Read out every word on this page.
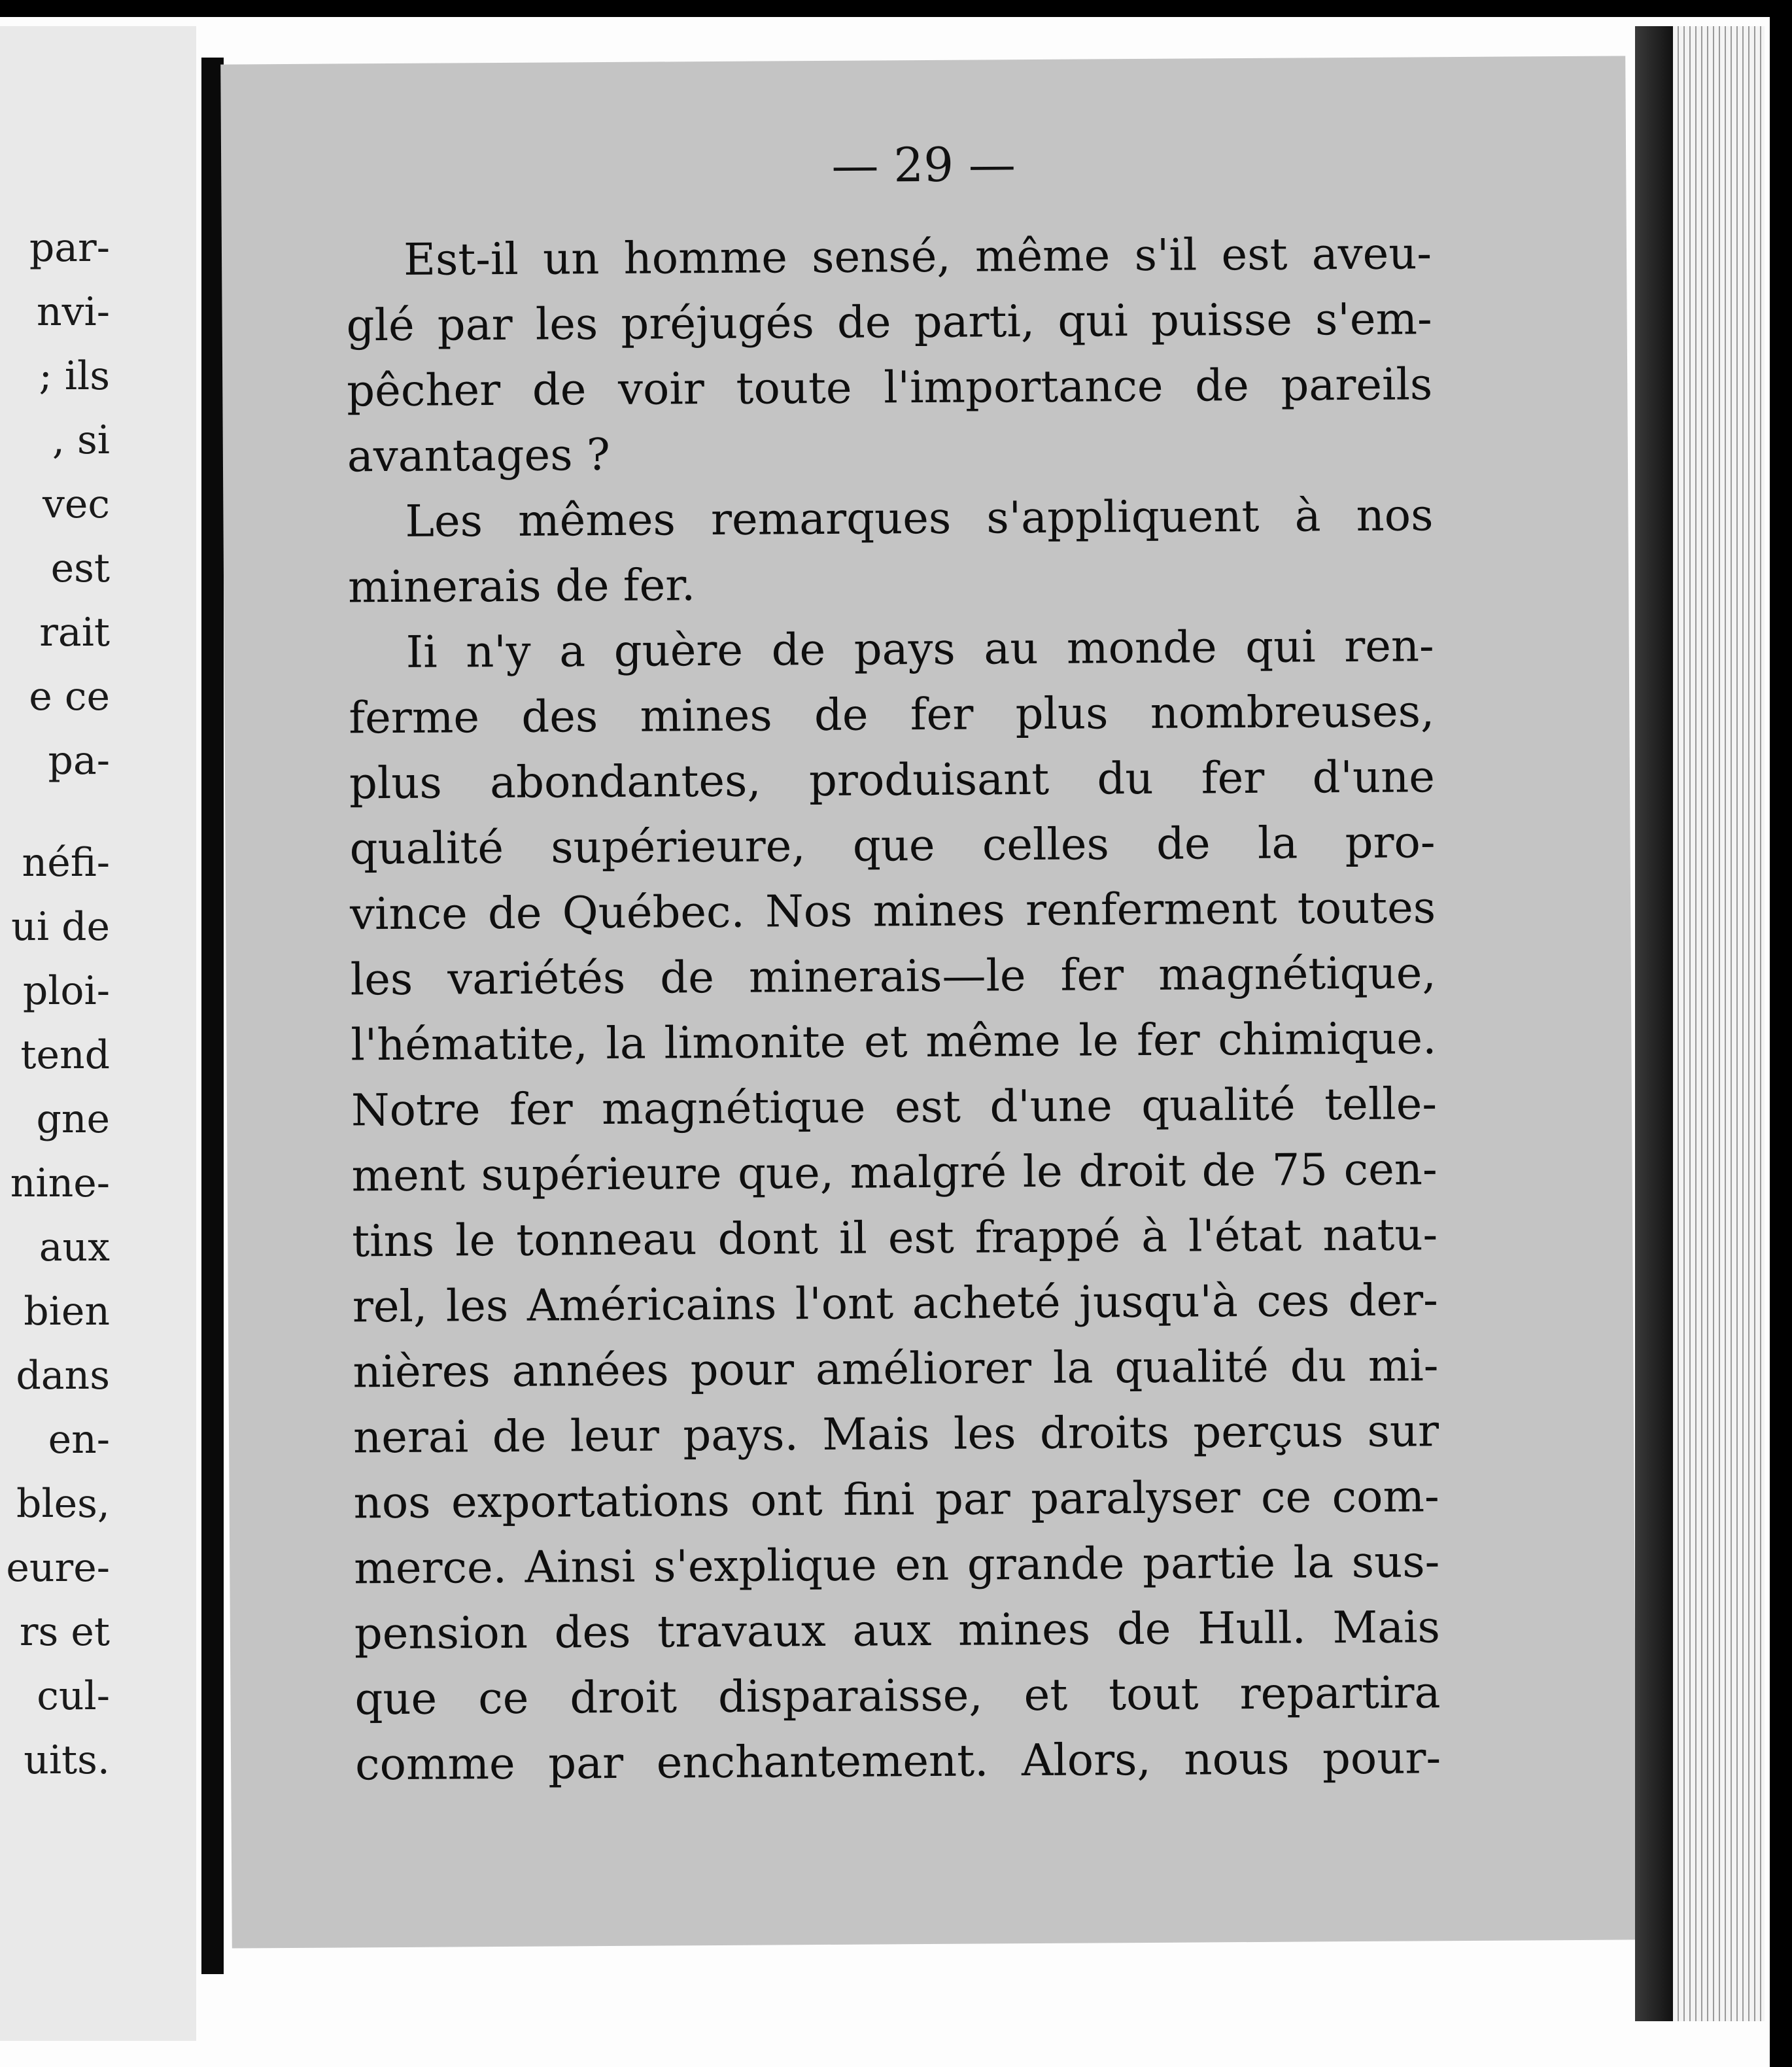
par-
nvi-
; ils
, si
vec
est
rait
e ce
pa-
néfi-
ui de
ploi-
tend
gne
nine-
aux
bien
dans
en-
bles,
eure-
rs et
cul-
uits.
— 29 —
Est-il un homme sensé, même s'il est aveu-
glé par les préjugés de parti, qui puisse s'em-
pêcher de voir toute l'importance de pareils
avantages ?
Les mêmes remarques s'appliquent à nos
minerais de fer.
Ii n'y a guère de pays au monde qui ren-
ferme des mines de fer plus nombreuses,
plus abondantes, produisant du fer d'une
qualité supérieure, que celles de la pro-
vince de Québec. Nos mines renferment toutes
les variétés de minerais—le fer magnétique,
l'hématite, la limonite et même le fer chimique.
Notre fer magnétique est d'une qualité telle-
ment supérieure que, malgré le droit de 75 cen-
tins le tonneau dont il est frappé à l'état natu-
rel, les Américains l'ont acheté jusqu'à ces der-
nières années pour améliorer la qualité du mi-
nerai de leur pays. Mais les droits perçus sur
nos exportations ont fini par paralyser ce com-
merce. Ainsi s'explique en grande partie la sus-
pension des travaux aux mines de Hull. Mais
que ce droit disparaisse, et tout repartira
comme par enchantement. Alors, nous pour-
